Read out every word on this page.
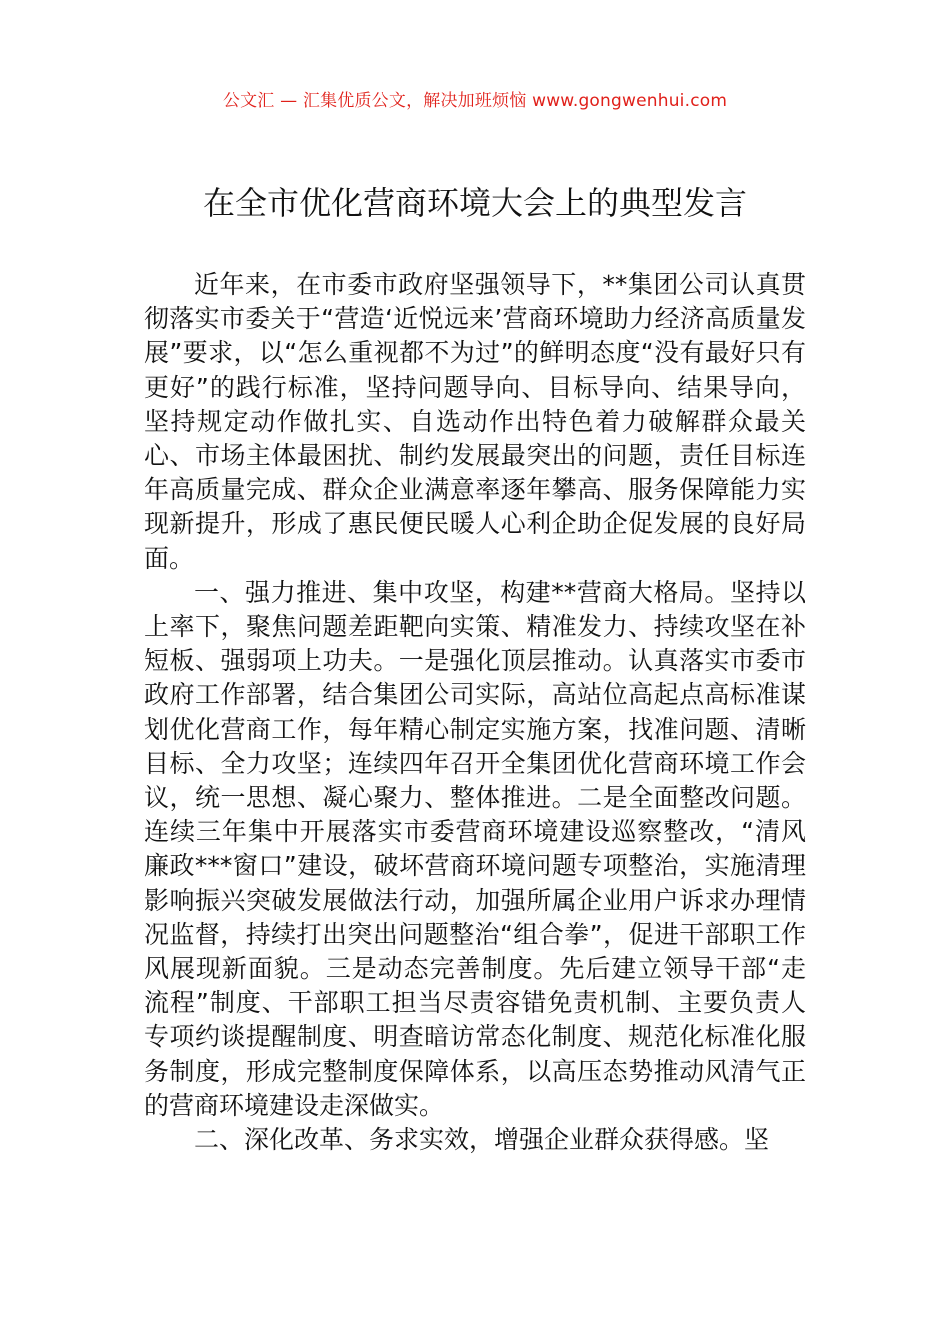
公文汇 — 汇集优质公文，解决加班烦恼 www.gongwenhui.com
在全市优化营商环境大会上的典型发言

近年来，在市委市政府坚强领导下，**集团公司认真贯彻落实市委关于“营造‘近悦远来’营商环境助力经济高质量发展”要求，以“怎么重视都不为过”的鲜明态度“没有最好只有更好”的践行标准，坚持问题导向、目标导向、结果导向，坚持规定动作做扎实、自选动作出特色着力破解群众最关心、市场主体最困扰、制约发展最突出的问题，责任目标连年高质量完成、群众企业满意率逐年攀高、服务保障能力实现新提升，形成了惠民便民暖人心利企助企促发展的良好局面。

一、强力推进、集中攻坚，构建**营商大格局。坚持以上率下，聚焦问题差距靶向实策、精准发力、持续攻坚在补短板、强弱项上功夫。一是强化顶层推动。认真落实市委市政府工作部署，结合集团公司实际，高站位高起点高标准谋划优化营商工作，每年精心制定实施方案，找准问题、清晰目标、全力攻坚；连续四年召开全集团优化营商环境工作会议，统一思想、凝心聚力、整体推进。二是全面整改问题。连续三年集中开展落实市委营商环境建设巡察整改，“清风廉政***窗口”建设，破坏营商环境问题专项整治，实施清理影响振兴突破发展做法行动，加强所属企业用户诉求办理情况监督，持续打出突出问题整治“组合拳”，促进干部职工作风展现新面貌。三是动态完善制度。先后建立领导干部“走流程”制度、干部职工担当尽责容错免责机制、主要负责人专项约谈提醒制度、明查暗访常态化制度、规范化标准化服务制度，形成完整制度保障体系，以高压态势推动风清气正的营商环境建设走深做实。

二、深化改革、务求实效，增强企业群众获得感。坚
